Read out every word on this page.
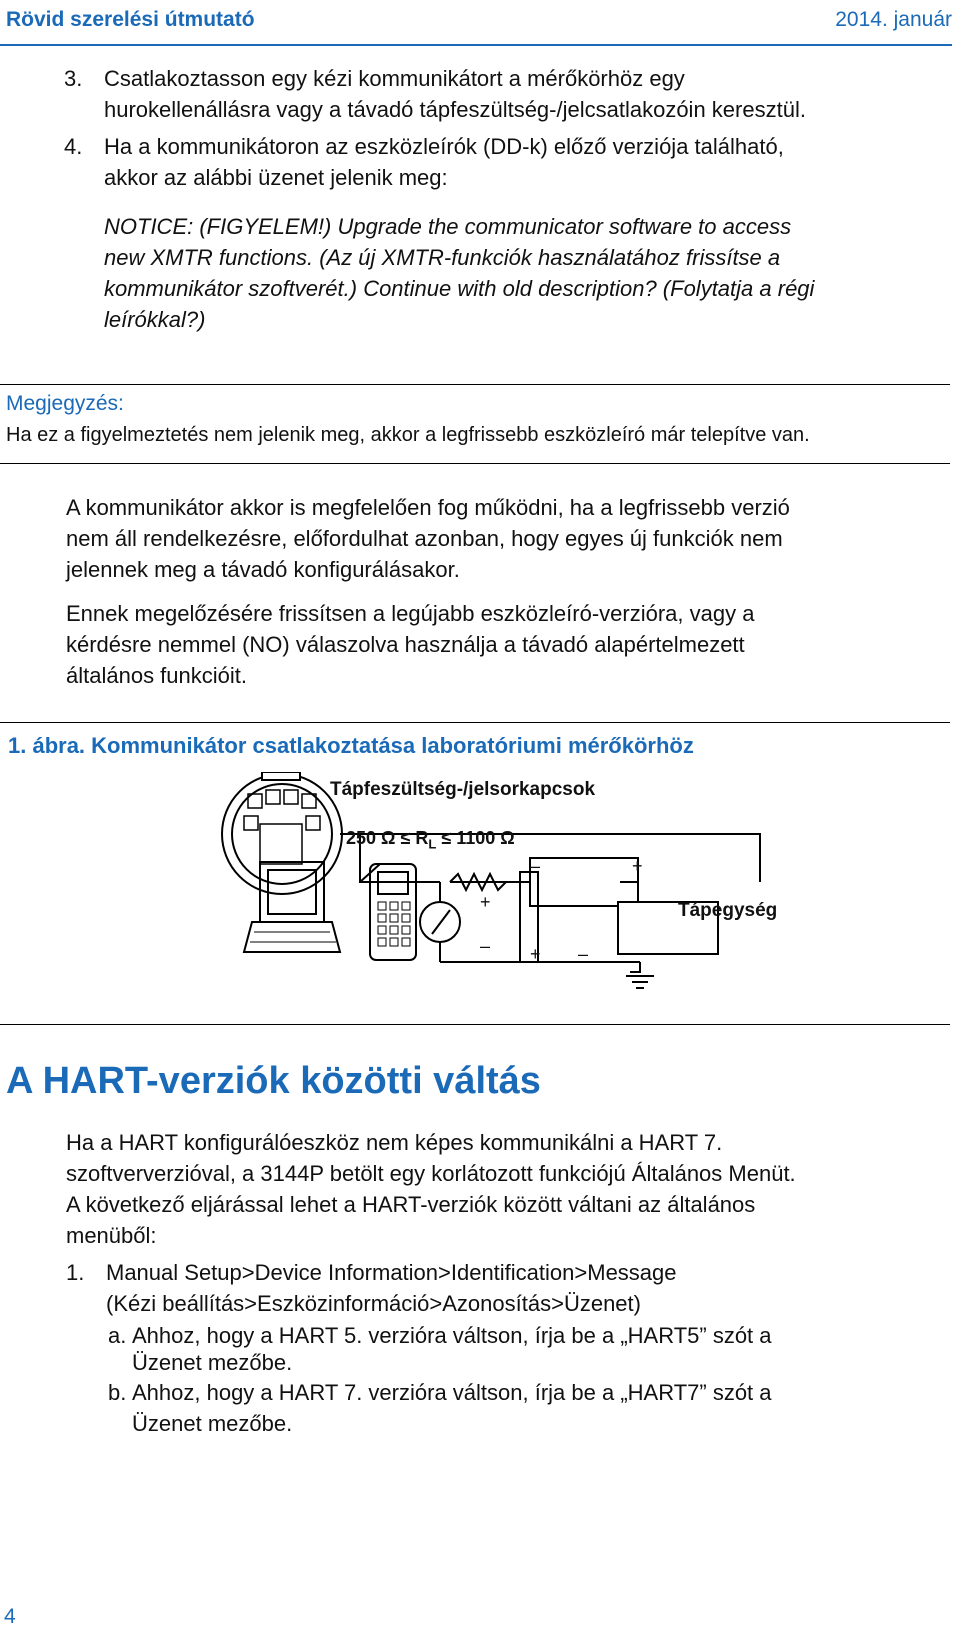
Rövid szerelési útmutató	2014. január
3. Csatlakoztasson egy kézi kommunikátort a mérőkörhöz egy
hurokellenállásra vagy a távadó tápfeszültség-/jelcsatlakozóin keresztül.
4. Ha a kommunikátoron az eszközleírók (DD-k) előző verziója található,
akkor az alábbi üzenet jelenik meg:
NOTICE: (FIGYELEM!) Upgrade the communicator software to access
new XMTR functions. (Az új XMTR-funkciók használatához frissítse a
kommunikátor szoftverét.) Continue with old description? (Folytatja a régi
leírókkal?)
Megjegyzés:
Ha ez a figyelmeztetés nem jelenik meg, akkor a legfrissebb eszközleíró már telepítve van.
A kommunikátor akkor is megfelelően fog működni, ha a legfrissebb verzió
nem áll rendelkezésre, előfordulhat azonban, hogy egyes új funkciók nem
jelennek meg a távadó konfigurálásakor.
Ennek megelőzésére frissítsen a legújabb eszközleíró-verzióra, vagy a
kérdésre nemmel (NO) válaszolva használja a távadó alapértelmezett
általános funkcióit.
1. ábra. Kommunikátor csatlakoztatása laboratóriumi mérőkörhöz
Tápfeszültség-/jelsorkapcsok
250 $\Omega \le R_L \le 1100$ Ω
Tápegység
+
–
+
– + –
A HART-verziók közötti váltás
Ha a HART konfigurálóeszköz nem képes kommunikálni a HART 7.
szoftververzióval, a 3144P betölt egy korlátozott funkciójú Általános Menüt.
A következő eljárással lehet a HART-verziók között váltani az általános
menüből:
1. Manual Setup>Device Information>Identification>Message
(Kézi beállítás>Eszközinformáció>Azonosítás>Üzenet)
a. Ahhoz, hogy a HART 5. verzióra váltson, írja be a „HART5” szót a
Üzenet mezőbe.
b. Ahhoz, hogy a HART 7. verzióra váltson, írja be a „HART7” szót a
Üzenet mezőbe.
4
